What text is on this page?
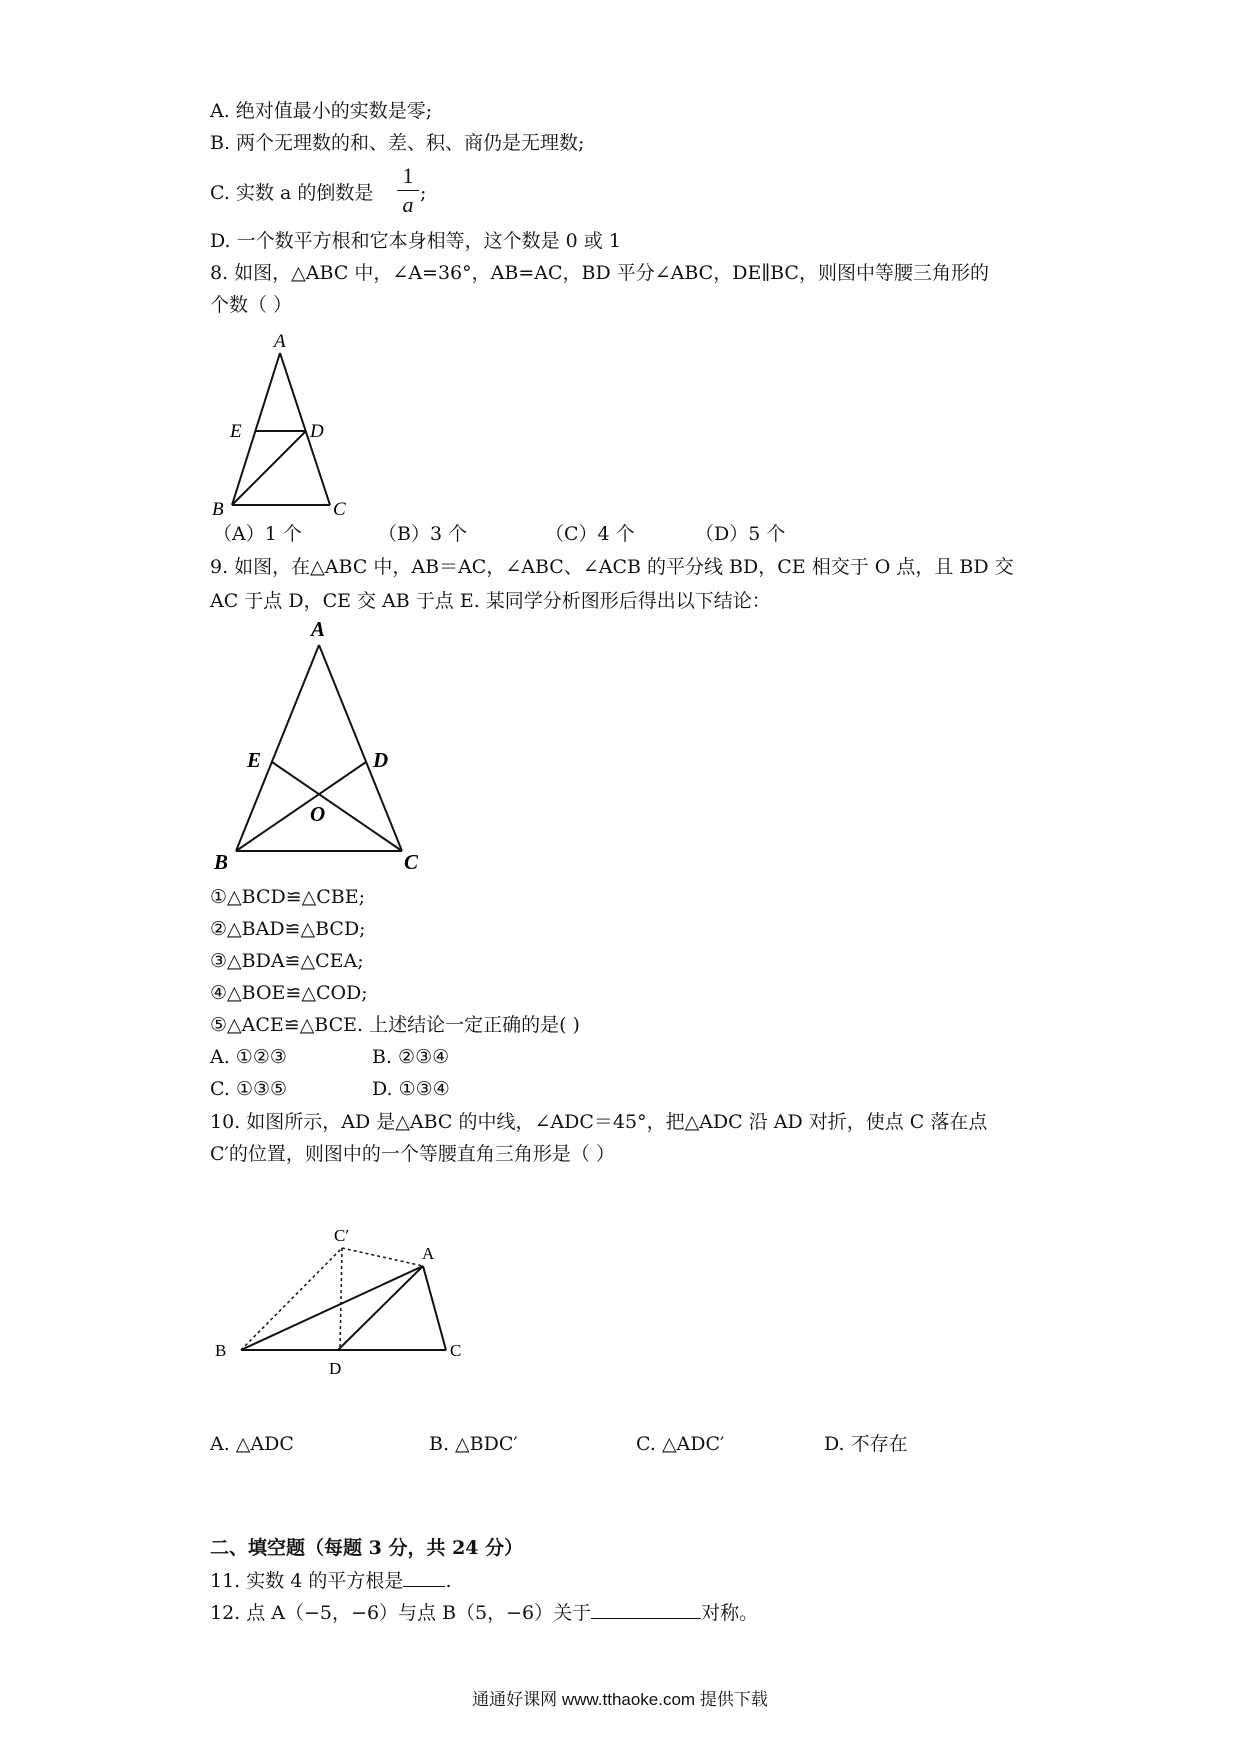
A. 绝对值最小的实数是零;
B. 两个无理数的和、差、积、商仍是无理数;
C. 实数 a 的倒数是
1
a ;
D. 一个数平方根和它本身相等，这个数是 0 或 1
8. 如图，△ABC 中，∠A=36°，AB=AC，BD 平分∠ABC，DE∥BC，则图中等腰三角形的
个数（ ）
A
E	D
B	C
（A）1 个	（B）3 个	（C）4 个	（D）5 个
9. 如图，在△ABC 中，AB＝AC，∠ABC、∠ACB 的平分线 BD，CE 相交于 O 点，且 BD 交
AC 于点 D，CE 交 AB 于点 E. 某同学分析图形后得出以下结论：
A
E	D
O
B	C
①△BCD≌△CBE;
②△BAD≌△BCD;
③△BDA≌△CEA;
④△BOE≌△COD;
⑤△ACE≌△BCE. 上述结论一定正确的是( )
A. ①②③	B. ②③④
C. ①③⑤	D. ①③④
10. 如图所示，AD 是△ABC 的中线，∠ADC＝45°，把△ADC 沿 AD 对折，使点 C 落在点
C′的位置，则图中的一个等腰直角三角形是（ ）
C′
A
B
D
C
A. △ADC	B. △BDC′	C. △ADC′	D. 不存在
二、填空题（每题 3 分，共 24 分）
11. 实数 4 的平方根是 .
12. 点 A（−5，−6）与点 B（5，−6）关于	对称。
通通好课网 www.tthaoke.com 提供下载
